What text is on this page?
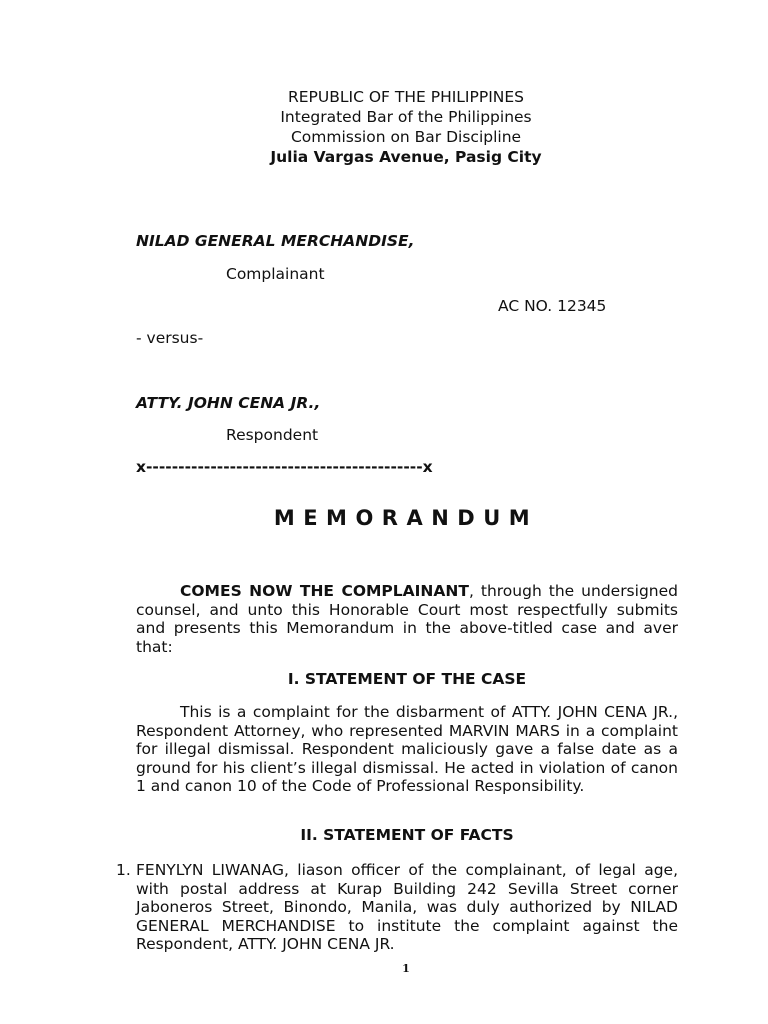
REPUBLIC OF THE PHILIPPINES
Integrated Bar of the Philippines
Commission on Bar Discipline
Julia Vargas Avenue, Pasig City
NILAD GENERAL MERCHANDISE,
Complainant
AC NO. 12345
- versus-
ATTY. JOHN CENA JR.,
Respondent
x-------------------------------------------x
MEMORANDUM
COMES NOW THE COMPLAINANT, through the undersigned counsel, and unto this Honorable Court most respectfully submits and presents this Memorandum in the above-titled case and aver that:
I. STATEMENT OF THE CASE
This is a complaint for the disbarment of ATTY. JOHN CENA JR., Respondent Attorney, who represented MARVIN MARS in a complaint for illegal dismissal. Respondent maliciously gave a false date as a ground for his client’s illegal dismissal. He acted in violation of canon 1 and canon 10 of the Code of Professional Responsibility.
II. STATEMENT OF FACTS
1. FENYLYN LIWANAG, liason officer of the complainant, of legal age, with postal address at Kurap Building 242 Sevilla Street corner Jaboneros Street, Binondo, Manila, was duly authorized by NILAD GENERAL MERCHANDISE to institute the complaint against the Respondent, ATTY. JOHN CENA JR.
1
